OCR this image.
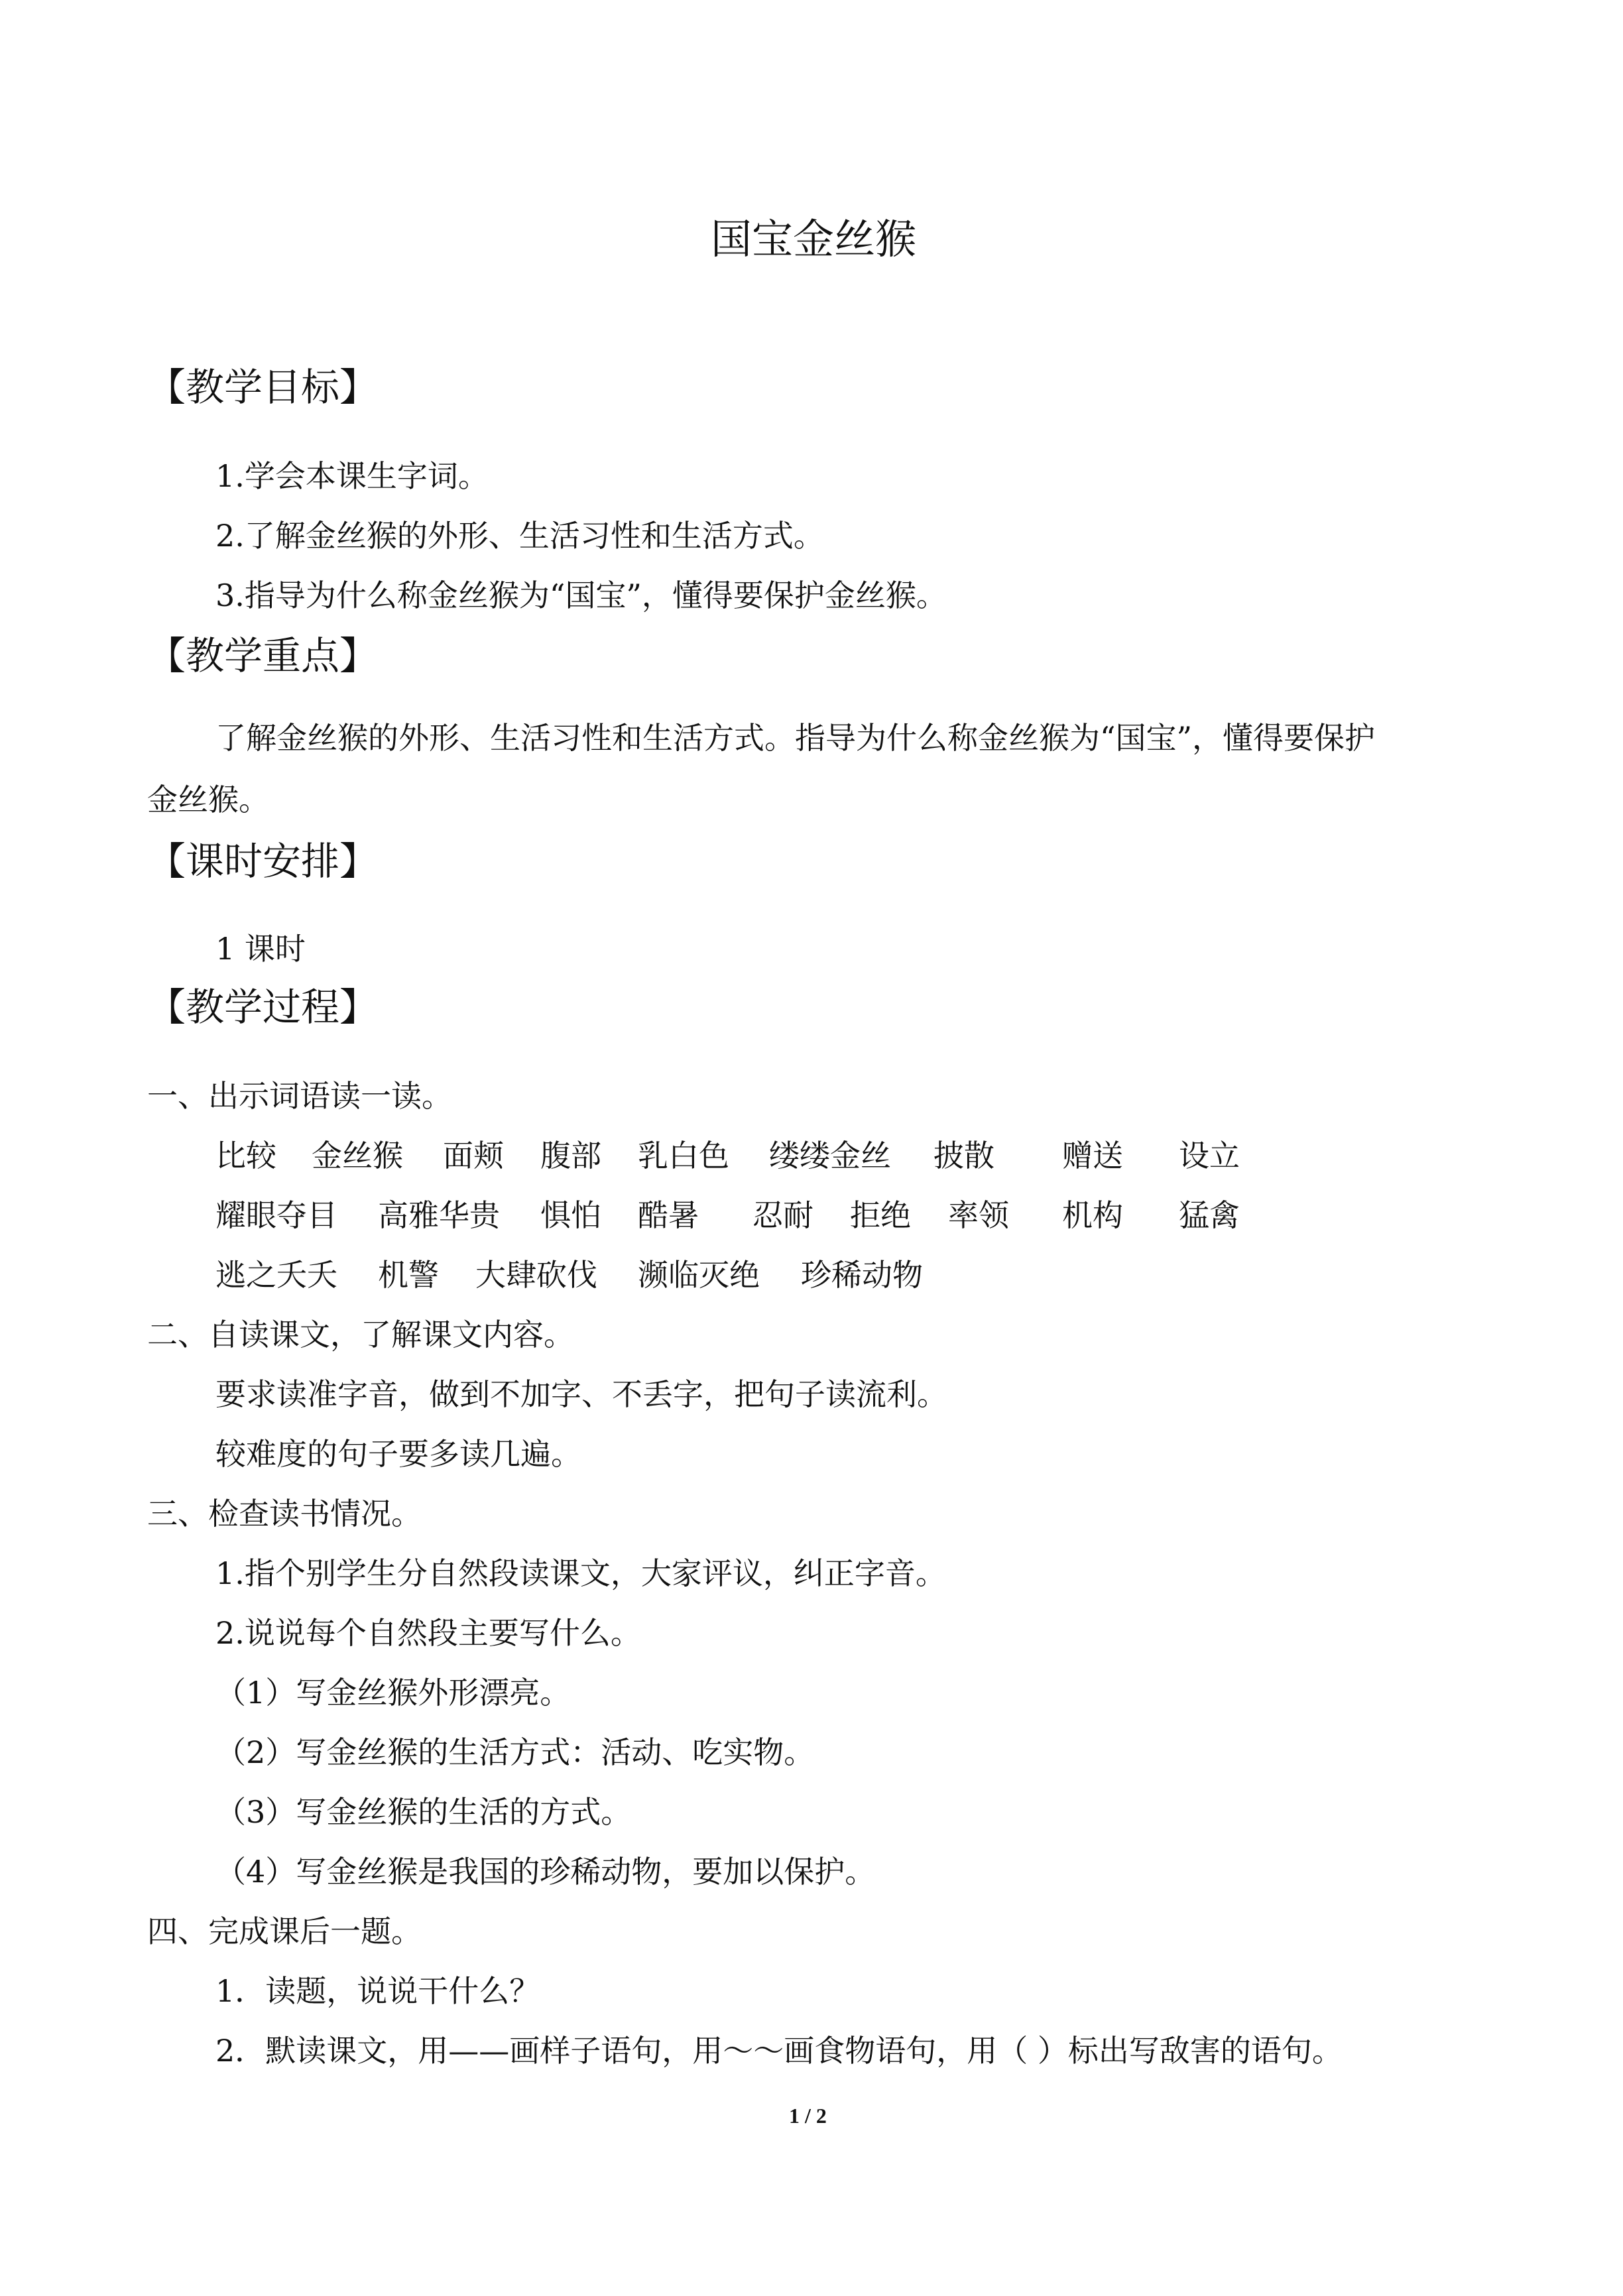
国宝金丝猴
【教学目标】
1.学会本课生字词。
2.了解金丝猴的外形、生活习性和生活方式。
3.指导为什么称金丝猴为“国宝”，懂得要保护金丝猴。
【教学重点】
了解金丝猴的外形、生活习性和生活方式。指导为什么称金丝猴为“国宝”，懂得要保护
金丝猴。
【课时安排】
1 课时
【教学过程】
一、出示词语读一读。
比较 金丝猴 面颊 腹部 乳白色 缕缕金丝 披散 赠送 设立
耀眼夺目 高雅华贵 惧怕 酷暑 忍耐 拒绝 率领 机构 猛禽
逃之夭夭 机警 大肆砍伐 濒临灭绝 珍稀动物
二、自读课文，了解课文内容。
要求读准字音，做到不加字、不丢字，把句子读流利。
较难度的句子要多读几遍。
三、检查读书情况。
1.指个别学生分自然段读课文，大家评议，纠正字音。
2.说说每个自然段主要写什么。
（1）写金丝猴外形漂亮。
（2）写金丝猴的生活方式：活动、吃实物。
（3）写金丝猴的生活的方式。
（4）写金丝猴是我国的珍稀动物，要加以保护。
四、完成课后一题。
1．读题，说说干什么？
2．默读课文，用——画样子语句，用～～画食物语句，用（ ）标出写敌害的语句。
1 / 2
